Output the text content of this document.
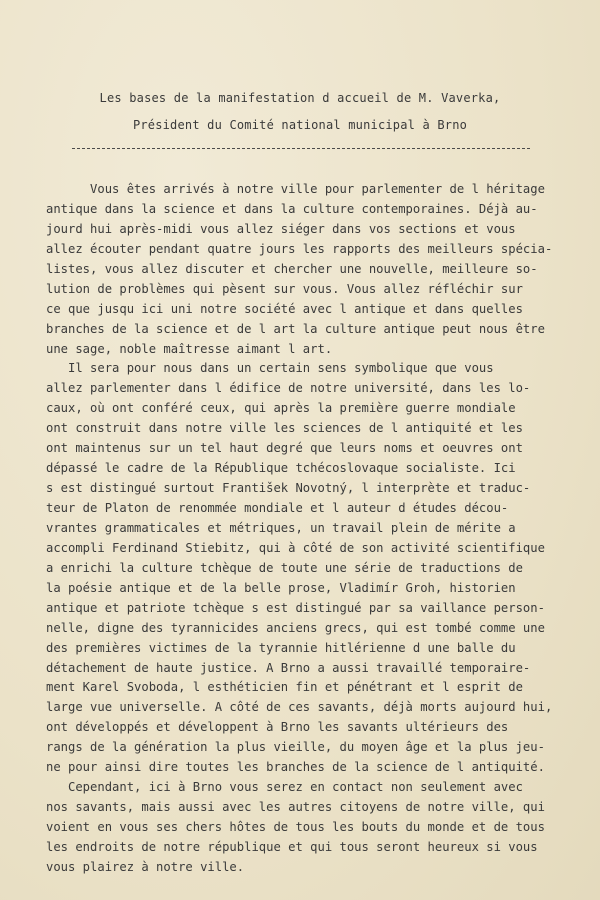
Les bases de la manifestation d accueil de M. Vaverka,
Président du Comité national municipal à Brno
Vous êtes arrivés à notre ville pour parlementer de l héritage
antique dans la science et dans la culture contemporaines. Déjà au-
jourd hui après-midi vous allez siéger dans vos sections et vous
allez écouter pendant quatre jours les rapports des meilleurs spécia-
listes, vous allez discuter et chercher une nouvelle, meilleure so-
lution de problèmes qui pèsent sur vous. Vous allez réfléchir sur
ce que jusqu ici uni notre société avec l antique et dans quelles
branches de la science et de l art la culture antique peut nous être
une sage, noble maîtresse aimant l art.
Il sera pour nous dans un certain sens symbolique que vous
allez parlementer dans l édifice de notre université, dans les lo-
caux, où ont conféré ceux, qui après la première guerre mondiale
ont construit dans notre ville les sciences de l antiquité et les
ont maintenus sur un tel haut degré que leurs noms et oeuvres ont
dépassé le cadre de la République tchécoslovaque socialiste. Ici
s est distingué surtout František Novotný, l interprète et traduc-
teur de Platon de renommée mondiale et l auteur d études décou-
vrantes grammaticales et métriques, un travail plein de mérite a
accompli Ferdinand Stiebitz, qui à côté de son activité scientifique
a enrichi la culture tchèque de toute une série de traductions de
la poésie antique et de la belle prose, Vladimír Groh, historien
antique et patriote tchèque s est distingué par sa vaillance person-
nelle, digne des tyrannicides anciens grecs, qui est tombé comme une
des premières victimes de la tyrannie hitlérienne d une balle du
détachement de haute justice. A Brno a aussi travaillé temporaire-
ment Karel Svoboda, l esthéticien fin et pénétrant et l esprit de
large vue universelle. A côté de ces savants, déjà morts aujourd hui,
ont développés et développent à Brno les savants ultérieurs des
rangs de la génération la plus vieille, du moyen âge et la plus jeu-
ne pour ainsi dire toutes les branches de la science de l antiquité.
Cependant, ici à Brno vous serez en contact non seulement avec
nos savants, mais aussi avec les autres citoyens de notre ville, qui
voient en vous ses chers hôtes de tous les bouts du monde et de tous
les endroits de notre république et qui tous seront heureux si vous
vous plairez à notre ville.
